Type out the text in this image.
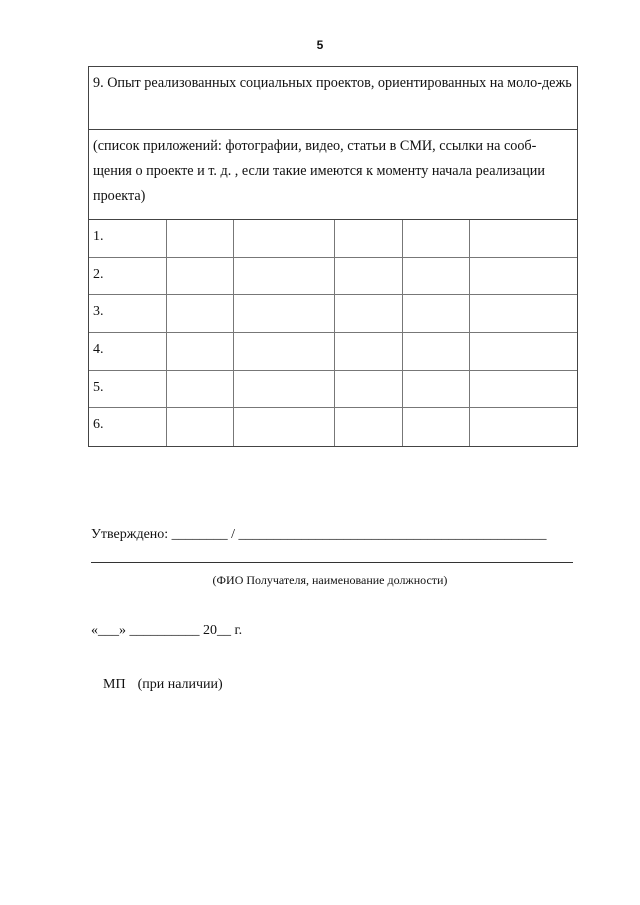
5
9. Опыт реализованных социальных проектов, ориентированных на моло-дежь
(список приложений: фотографии, видео, статьи в СМИ, ссылки на сооб-щения о проекте и т. д. , если такие имеются к моменту начала реализации проекта)
1.
2.
3.
4.
5.
6.
Утверждено: ________ / ____________________________________________
(ФИО Получателя, наименование должности)
«___» __________ 20__ г.
МП (при наличии)
